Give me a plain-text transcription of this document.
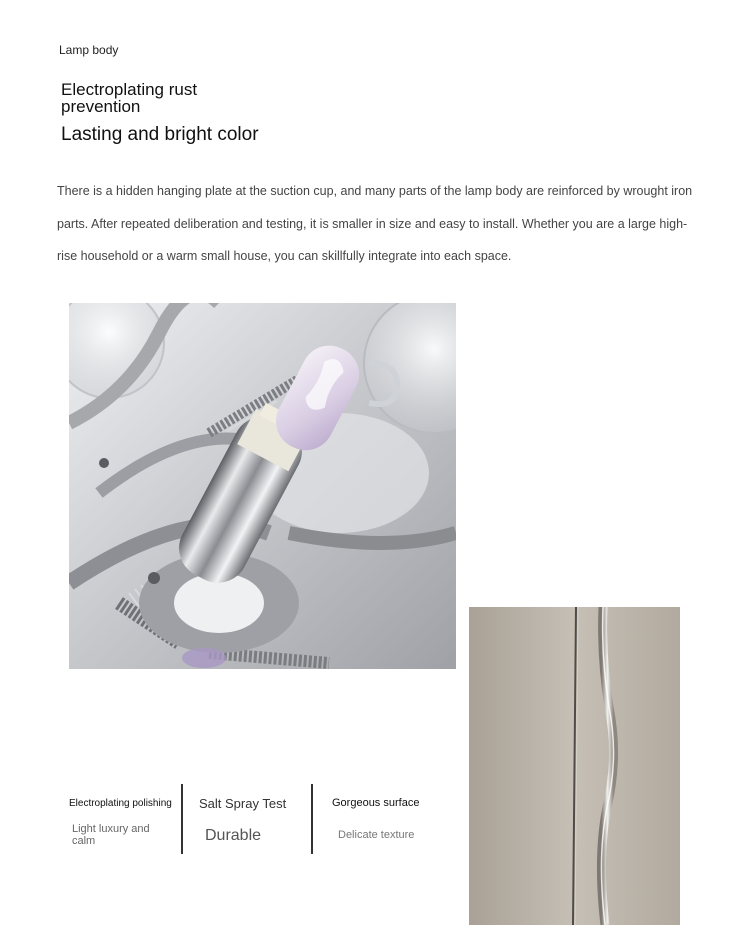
Lamp body
Electroplating rust prevention
Lasting and bright color
There is a hidden hanging plate at the suction cup, and many parts of the lamp body are reinforced by wrought iron parts. After repeated deliberation and testing, it is smaller in size and easy to install. Whether you are a large high-rise household or a warm small house, you can skillfully integrate into each space.
Electroplating polishing
Light luxury and calm
Salt Spray Test
Durable
Gorgeous surface
Delicate texture
